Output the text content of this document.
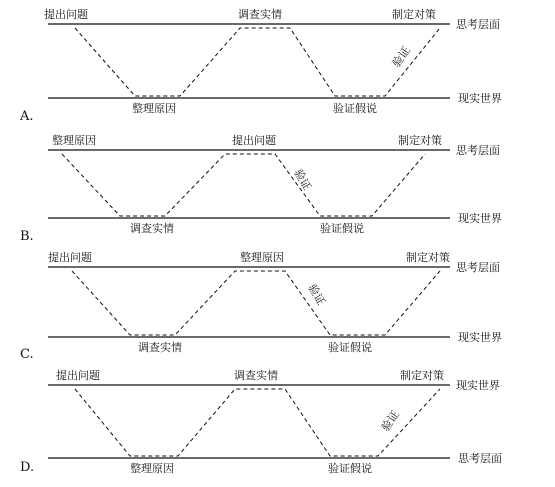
提出问题	调查实情	制定对策
整理原因	验证假说
思考层面
现实世界
验证
A.
整理原因	提出问题	制定对策
调查实情	验证假说
思考层面
现实世界
验证
B.
提出问题	整理原因	制定对策
调查实情	验证假说
思考层面
现实世界
验证
C.
提出问题	调查实情	制定对策
整理原因	验证假说
现实世界
思考层面
验证
D.
